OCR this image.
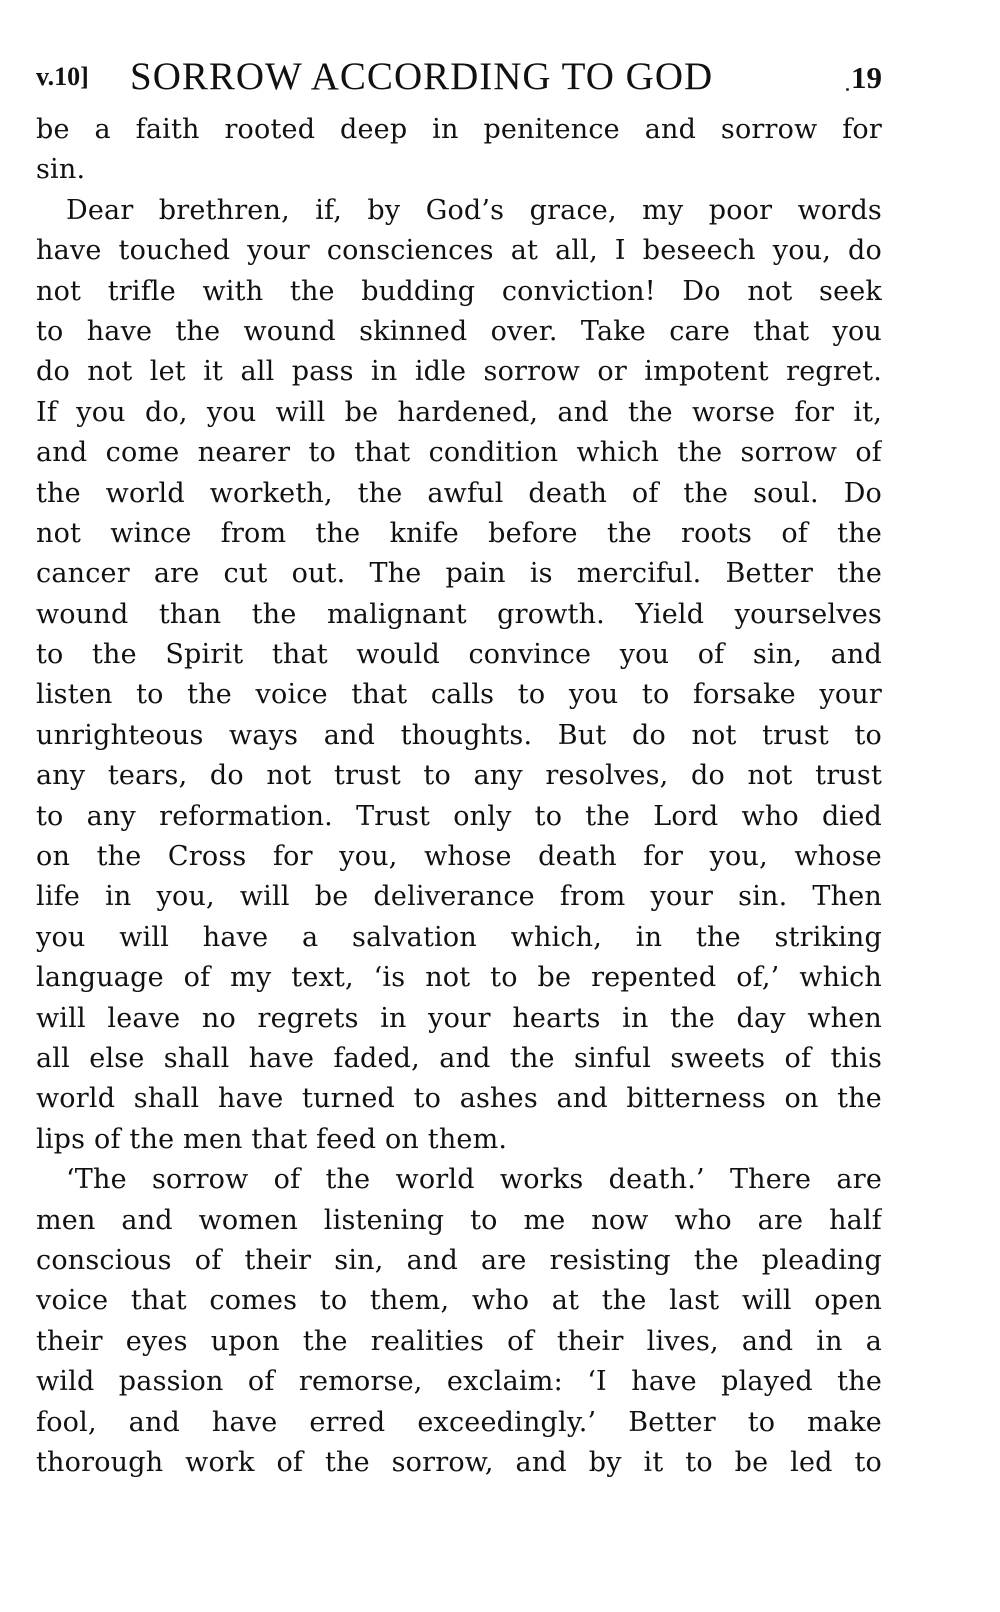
v.10] SORROW ACCORDING TO GOD	19
be a faith rooted deep in penitence and sorrow for
sin.
Dear brethren, if, by God’s grace, my poor words
have touched your consciences at all, I beseech you, do
not trifle with the budding conviction! Do not seek
to have the wound skinned over. Take care that you
do not let it all pass in idle sorrow or impotent regret.
If you do, you will be hardened, and the worse for it,
and come nearer to that condition which the sorrow of
the world worketh, the awful death of the soul. Do
not wince from the knife before the roots of the
cancer are cut out. The pain is merciful. Better the
wound than the malignant growth. Yield yourselves
to the Spirit that would convince you of sin, and
listen to the voice that calls to you to forsake your
unrighteous ways and thoughts. But do not trust to
any tears, do not trust to any resolves, do not trust
to any reformation. Trust only to the Lord who died
on the Cross for you, whose death for you, whose
life in you, will be deliverance from your sin. Then
you will have a salvation which, in the striking
language of my text, ‘is not to be repented of,’ which
will leave no regrets in your hearts in the day when
all else shall have faded, and the sinful sweets of this
world shall have turned to ashes and bitterness on the
lips of the men that feed on them.
‘The sorrow of the world works death.’ There are
men and women listening to me now who are half
conscious of their sin, and are resisting the pleading
voice that comes to them, who at the last will open
their eyes upon the realities of their lives, and in a
wild passion of remorse, exclaim: ‘I have played the
fool, and have erred exceedingly.’ Better to make
thorough work of the sorrow, and by it to be led to
